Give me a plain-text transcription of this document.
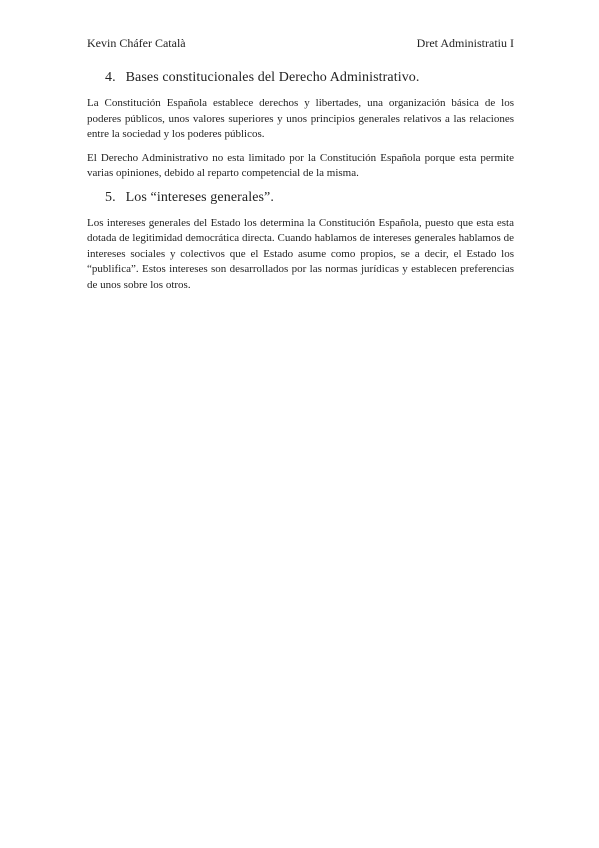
Kevin Cháfer Català	Dret Administratiu I
4. Bases constitucionales del Derecho Administrativo.

La Constitución Española establece derechos y libertades, una organización básica de los poderes públicos, unos valores superiores y unos principios generales relativos a las relaciones entre la sociedad y los poderes públicos.

El Derecho Administrativo no esta limitado por la Constitución Española porque esta permite varias opiniones, debido al reparto competencial de la misma.

5. Los “intereses generales”.

Los intereses generales del Estado los determina la Constitución Española, puesto que esta esta dotada de legitimidad democrática directa. Cuando hablamos de intereses generales hablamos de intereses sociales y colectivos que el Estado asume como propios, se a decir, el Estado los “publifica”. Estos intereses son desarrollados por las normas jurídicas y establecen preferencias de unos sobre los otros.
